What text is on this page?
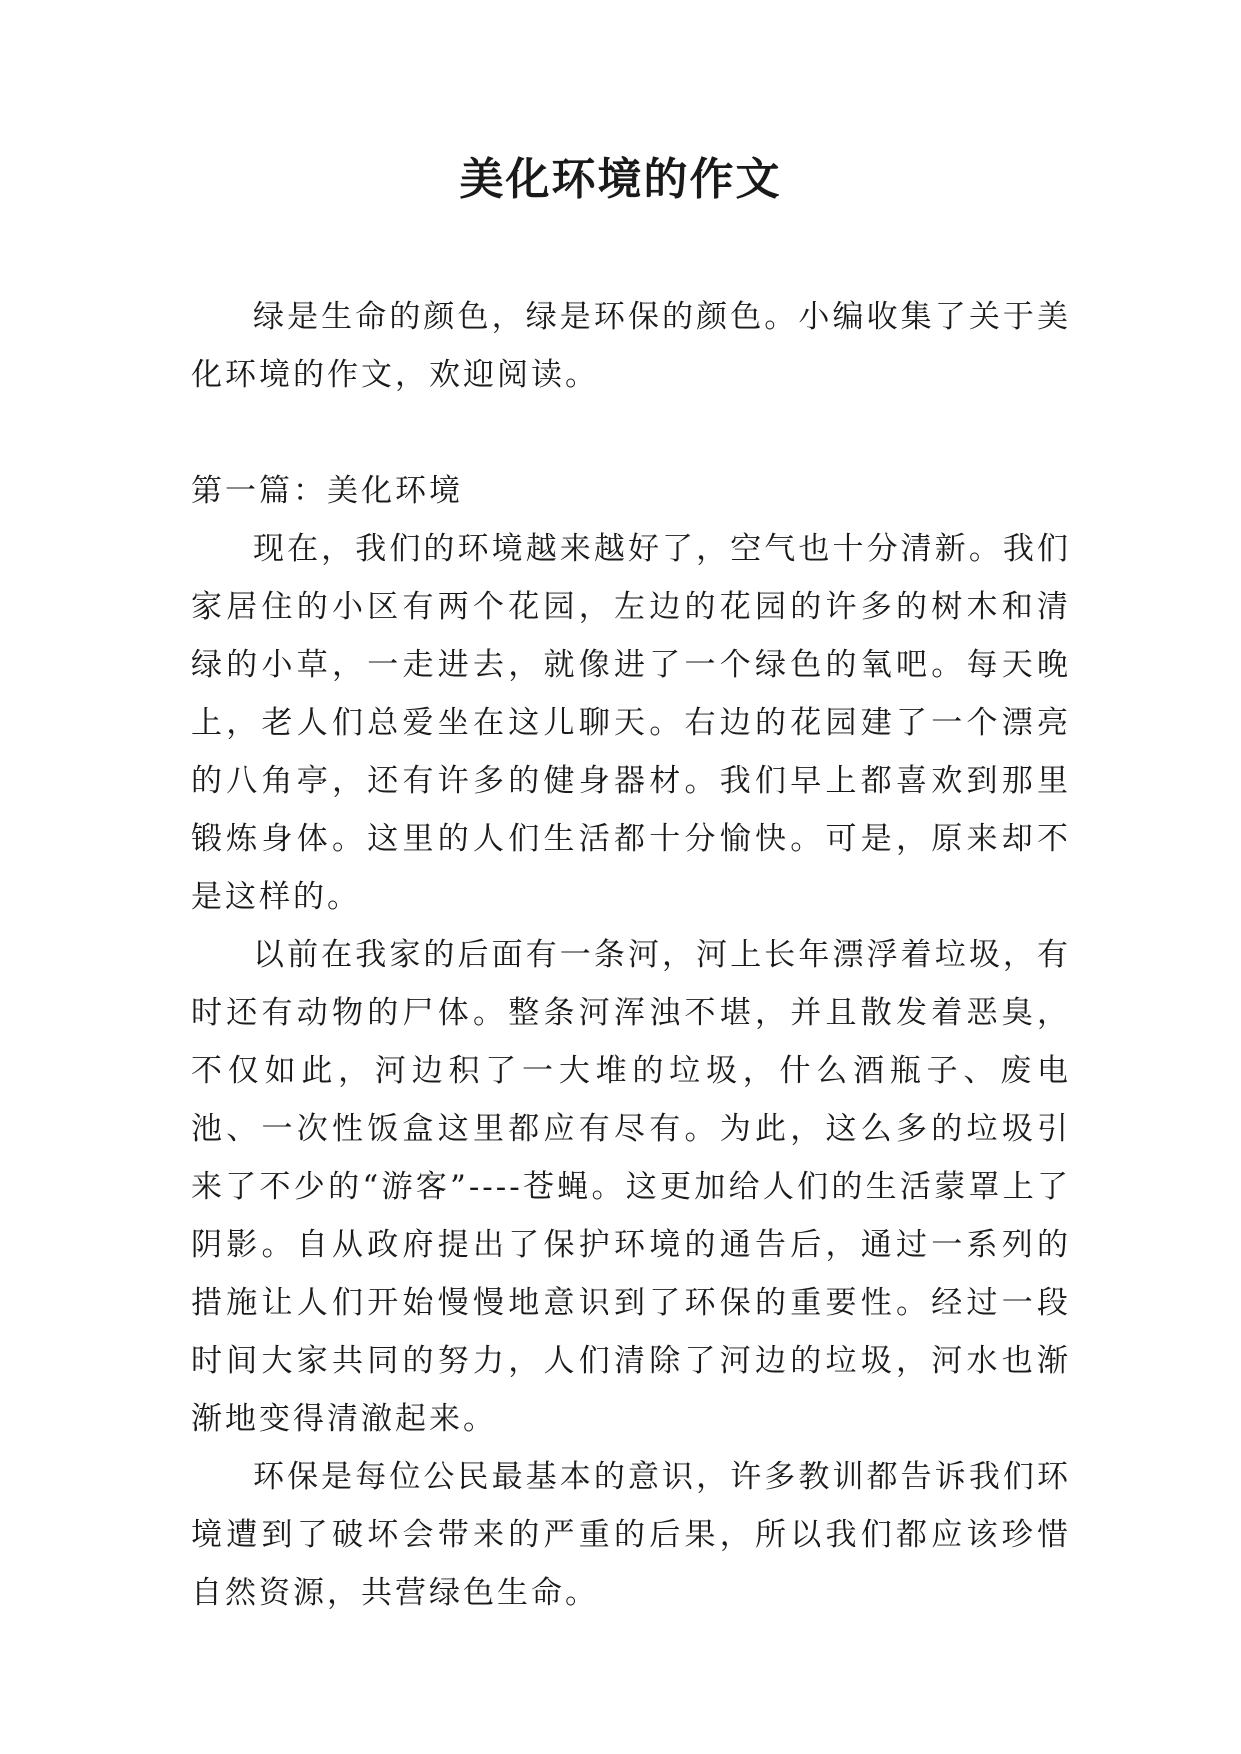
美化环境的作文

绿是生命的颜色，绿是环保的颜色。小编收集了关于美化环境的作文，欢迎阅读。

第一篇：美化环境

现在，我们的环境越来越好了，空气也十分清新。我们家居住的小区有两个花园，左边的花园的许多的树木和清绿的小草，一走进去，就像进了一个绿色的氧吧。每天晚上，老人们总爱坐在这儿聊天。右边的花园建了一个漂亮的八角亭，还有许多的健身器材。我们早上都喜欢到那里锻炼身体。这里的人们生活都十分愉快。可是，原来却不是这样的。

以前在我家的后面有一条河，河上长年漂浮着垃圾，有时还有动物的尸体。整条河浑浊不堪，并且散发着恶臭，不仅如此，河边积了一大堆的垃圾，什么酒瓶子、废电池、一次性饭盒这里都应有尽有。为此，这么多的垃圾引来了不少的“游客”----苍蝇。这更加给人们的生活蒙罩上了阴影。自从政府提出了保护环境的通告后，通过一系列的措施让人们开始慢慢地意识到了环保的重要性。经过一段时间大家共同的努力，人们清除了河边的垃圾，河水也渐渐地变得清澈起来。

环保是每位公民最基本的意识，许多教训都告诉我们环境遭到了破坏会带来的严重的后果，所以我们都应该珍惜自然资源，共营绿色生命。
